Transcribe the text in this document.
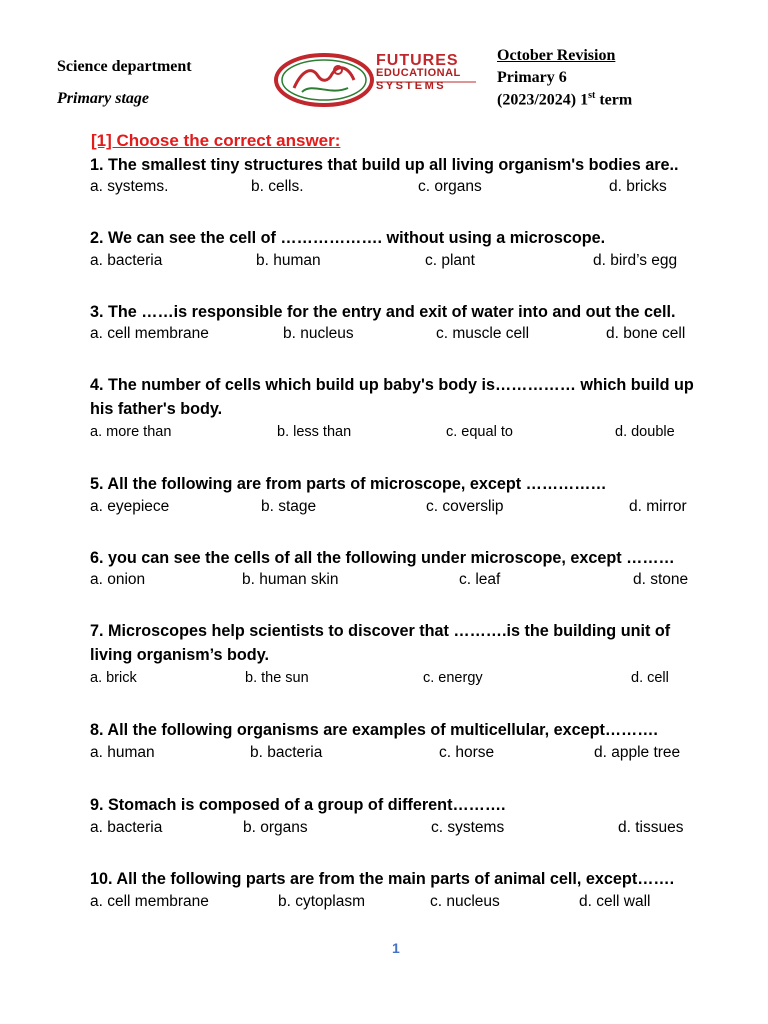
Science department
Primary stage
October Revision
Primary 6
(2023/2024) 1st term
FUTURES
EDUCATIONAL
SYSTEMS
[1] Choose the correct answer:
1. The smallest tiny structures that build up all living organism's bodies are..
a. systems.	b. cells.	c. organs	d. bricks
2. We can see the cell of ………………. without using a microscope.
a. bacteria	b. human	c. plant	d. bird’s egg
3. The ……is responsible for the entry and exit of water into and out the cell.
a. cell membrane	b. nucleus	c. muscle cell	d. bone cell
4. The number of cells which build up baby's body is…………… which build up his father's body.
a. more than	b. less than	c. equal to	d. double
5. All the following are from parts of microscope, except ……………
a. eyepiece	b. stage	c. coverslip	d. mirror
6. you can see the cells of all the following under microscope, except ………
a. onion	b. human skin	c. leaf	d. stone
7. Microscopes help scientists to discover that ……….is the building unit of living organism’s body.
a. brick	b. the sun	c. energy	d. cell
8. All the following organisms are examples of multicellular, except……….
a. human	b. bacteria	c. horse	d. apple tree
9. Stomach is composed of a group of different……….
a. bacteria	b. organs	c. systems	d. tissues
10. All the following parts are from the main parts of animal cell, except…….
a. cell membrane	b. cytoplasm	c. nucleus	d. cell wall
1
